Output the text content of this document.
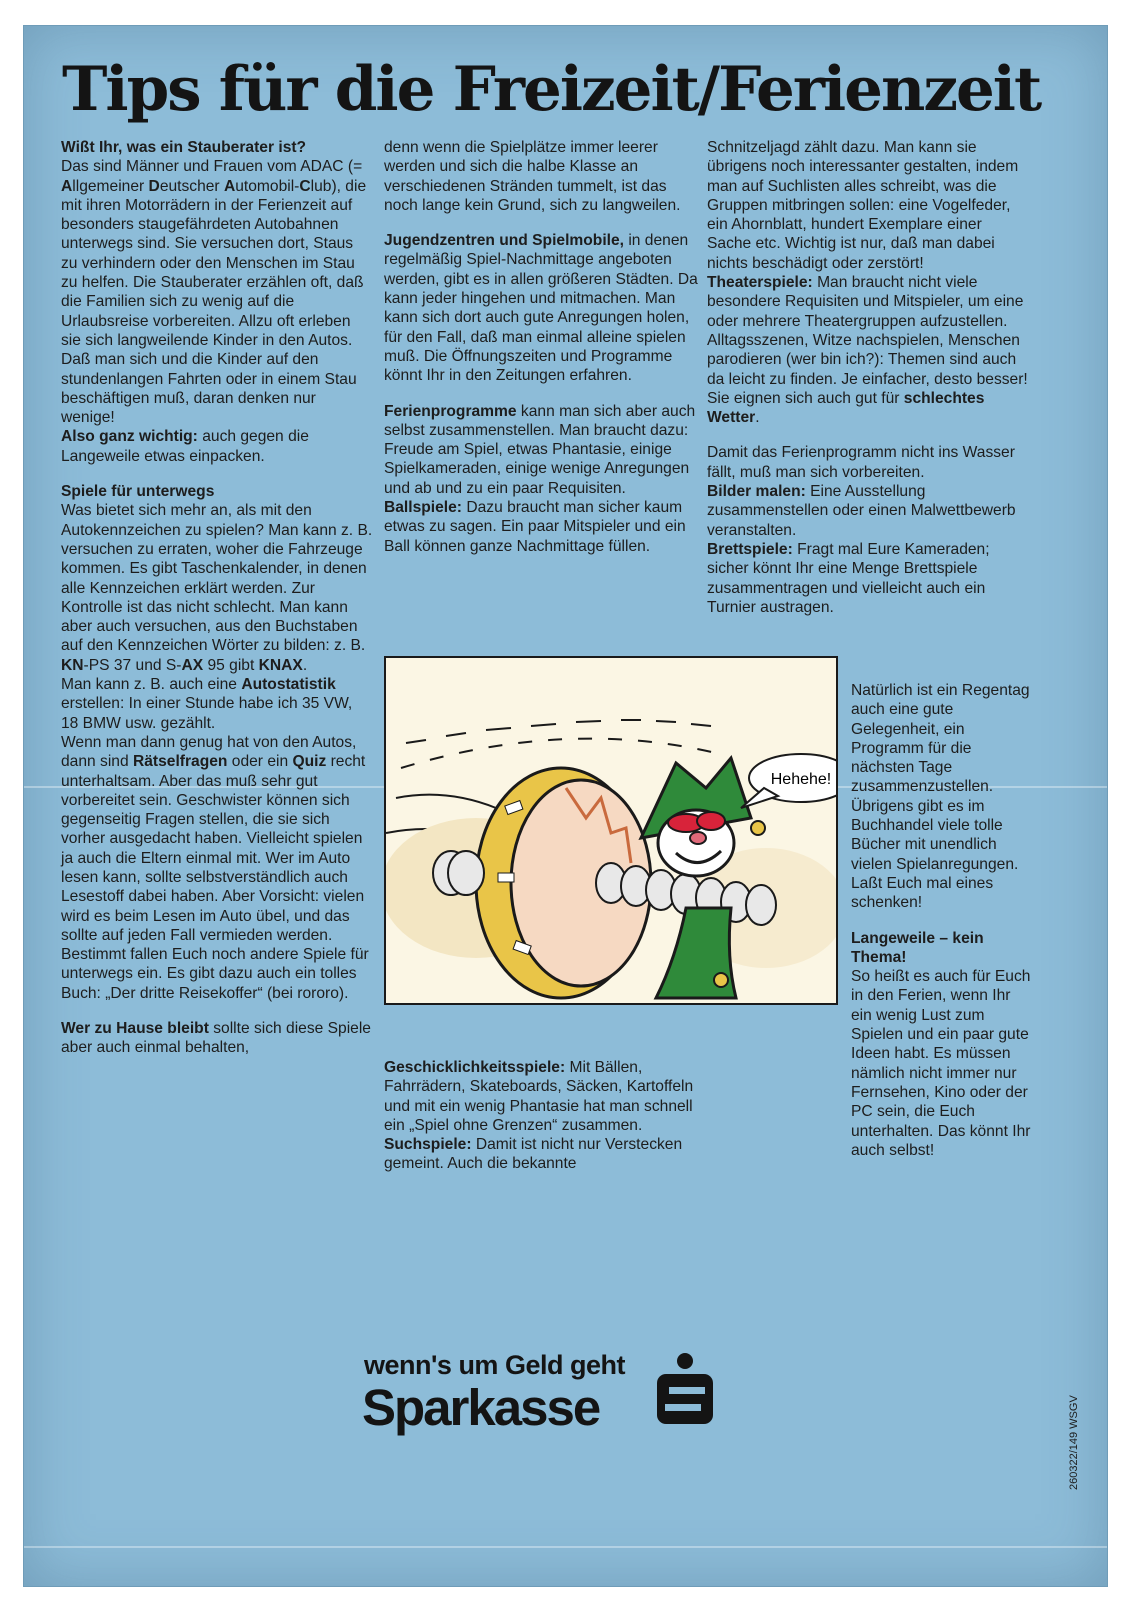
Tips für die Freizeit/Ferienzeit

Wißt Ihr, was ein Stauberater ist?

Das sind Männer und Frauen vom ADAC (= Allgemeiner Deutscher Automobil-Club), die mit ihren Motorrädern in der Ferienzeit auf besonders staugefährdeten Autobahnen unterwegs sind. Sie versuchen dort, Staus zu verhindern oder den Menschen im Stau zu helfen. Die Stauberater erzählen oft, daß die Familien sich zu wenig auf die Urlaubsreise vorbereiten. Allzu oft erleben sie sich langweilende Kinder in den Autos. Daß man sich und die Kinder auf den stundenlangen Fahrten oder in einem Stau beschäftigen muß, daran denken nur wenige!

Also ganz wichtig: auch gegen die Langeweile etwas einpacken.

Spiele für unterwegs

Was bietet sich mehr an, als mit den Autokennzeichen zu spielen? Man kann z. B. versuchen zu erraten, woher die Fahrzeuge kommen. Es gibt Taschenkalender, in denen alle Kennzeichen erklärt werden. Zur Kontrolle ist das nicht schlecht. Man kann aber auch versuchen, aus den Buchstaben auf den Kennzeichen Wörter zu bilden: z. B. KN-PS 37 und S-AX 95 gibt KNAX.

Man kann z. B. auch eine Autostatistik erstellen: In einer Stunde habe ich 35 VW, 18 BMW usw. gezählt.

Wenn man dann genug hat von den Autos, dann sind Rätselfragen oder ein Quiz recht unterhaltsam. Aber das muß sehr gut vorbereitet sein. Geschwister können sich gegenseitig Fragen stellen, die sie sich vorher ausgedacht haben. Vielleicht spielen ja auch die Eltern einmal mit. Wer im Auto lesen kann, sollte selbstverständlich auch Lesestoff dabei haben. Aber Vorsicht: vielen wird es beim Lesen im Auto übel, und das sollte auf jeden Fall vermieden werden. Bestimmt fallen Euch noch andere Spiele für unterwegs ein. Es gibt dazu auch ein tolles Buch: „Der dritte Reisekoffer“ (bei rororo).

Wer zu Hause bleibt sollte sich diese Spiele aber auch einmal behalten,

denn wenn die Spielplätze immer leerer werden und sich die halbe Klasse an verschiedenen Stränden tummelt, ist das noch lange kein Grund, sich zu langweilen.

Jugendzentren und Spielmobile, in denen regelmäßig Spiel-Nachmittage angeboten werden, gibt es in allen größeren Städten. Da kann jeder hingehen und mitmachen. Man kann sich dort auch gute Anregungen holen, für den Fall, daß man einmal alleine spielen muß. Die Öffnungszeiten und Programme könnt Ihr in den Zeitungen erfahren.

Ferienprogramme kann man sich aber auch selbst zusammenstellen. Man braucht dazu: Freude am Spiel, etwas Phantasie, einige Spielkameraden, einige wenige Anregungen und ab und zu ein paar Requisiten.

Ballspiele: Dazu braucht man sicher kaum etwas zu sagen. Ein paar Mitspieler und ein Ball können ganze Nachmittage füllen.

Geschicklichkeitsspiele: Mit Bällen, Fahrrädern, Skateboards, Säcken, Kartoffeln und mit ein wenig Phantasie hat man schnell ein „Spiel ohne Grenzen“ zusammen.

Suchspiele: Damit ist nicht nur Verstecken gemeint. Auch die bekannte

Schnitzeljagd zählt dazu. Man kann sie übrigens noch interessanter gestalten, indem man auf Suchlisten alles schreibt, was die Gruppen mitbringen sollen: eine Vogelfeder, ein Ahornblatt, hundert Exemplare einer Sache etc. Wichtig ist nur, daß man dabei nichts beschädigt oder zerstört!

Theaterspiele: Man braucht nicht viele besondere Requisiten und Mitspieler, um eine oder mehrere Theatergruppen aufzustellen. Alltagsszenen, Witze nachspielen, Menschen parodieren (wer bin ich?): Themen sind auch da leicht zu finden. Je einfacher, desto besser! Sie eignen sich auch gut für schlechtes Wetter.

Damit das Ferienprogramm nicht ins Wasser fällt, muß man sich vorbereiten.

Bilder malen: Eine Ausstellung zusammenstellen oder einen Malwettbewerb veranstalten.

Brettspiele: Fragt mal Eure Kameraden; sicher könnt Ihr eine Menge Brettspiele zusammentragen und vielleicht auch ein Turnier austragen.

Natürlich ist ein Regentag auch eine gute Gelegenheit, ein Programm für die nächsten Tage zusammenzustellen. Übrigens gibt es im Buchhandel viele tolle Bücher mit unendlich vielen Spielanregungen. Laßt Euch mal eines schenken!

Langeweile – kein Thema!

So heißt es auch für Euch in den Ferien, wenn Ihr ein wenig Lust zum Spielen und ein paar gute Ideen habt. Es müssen nämlich nicht immer nur Fernsehen, Kino oder der PC sein, die Euch unterhalten. Das könnt Ihr auch selbst!

Hehehe!
wenn's um Geld geht
Sparkasse	260322/149 WSGV
